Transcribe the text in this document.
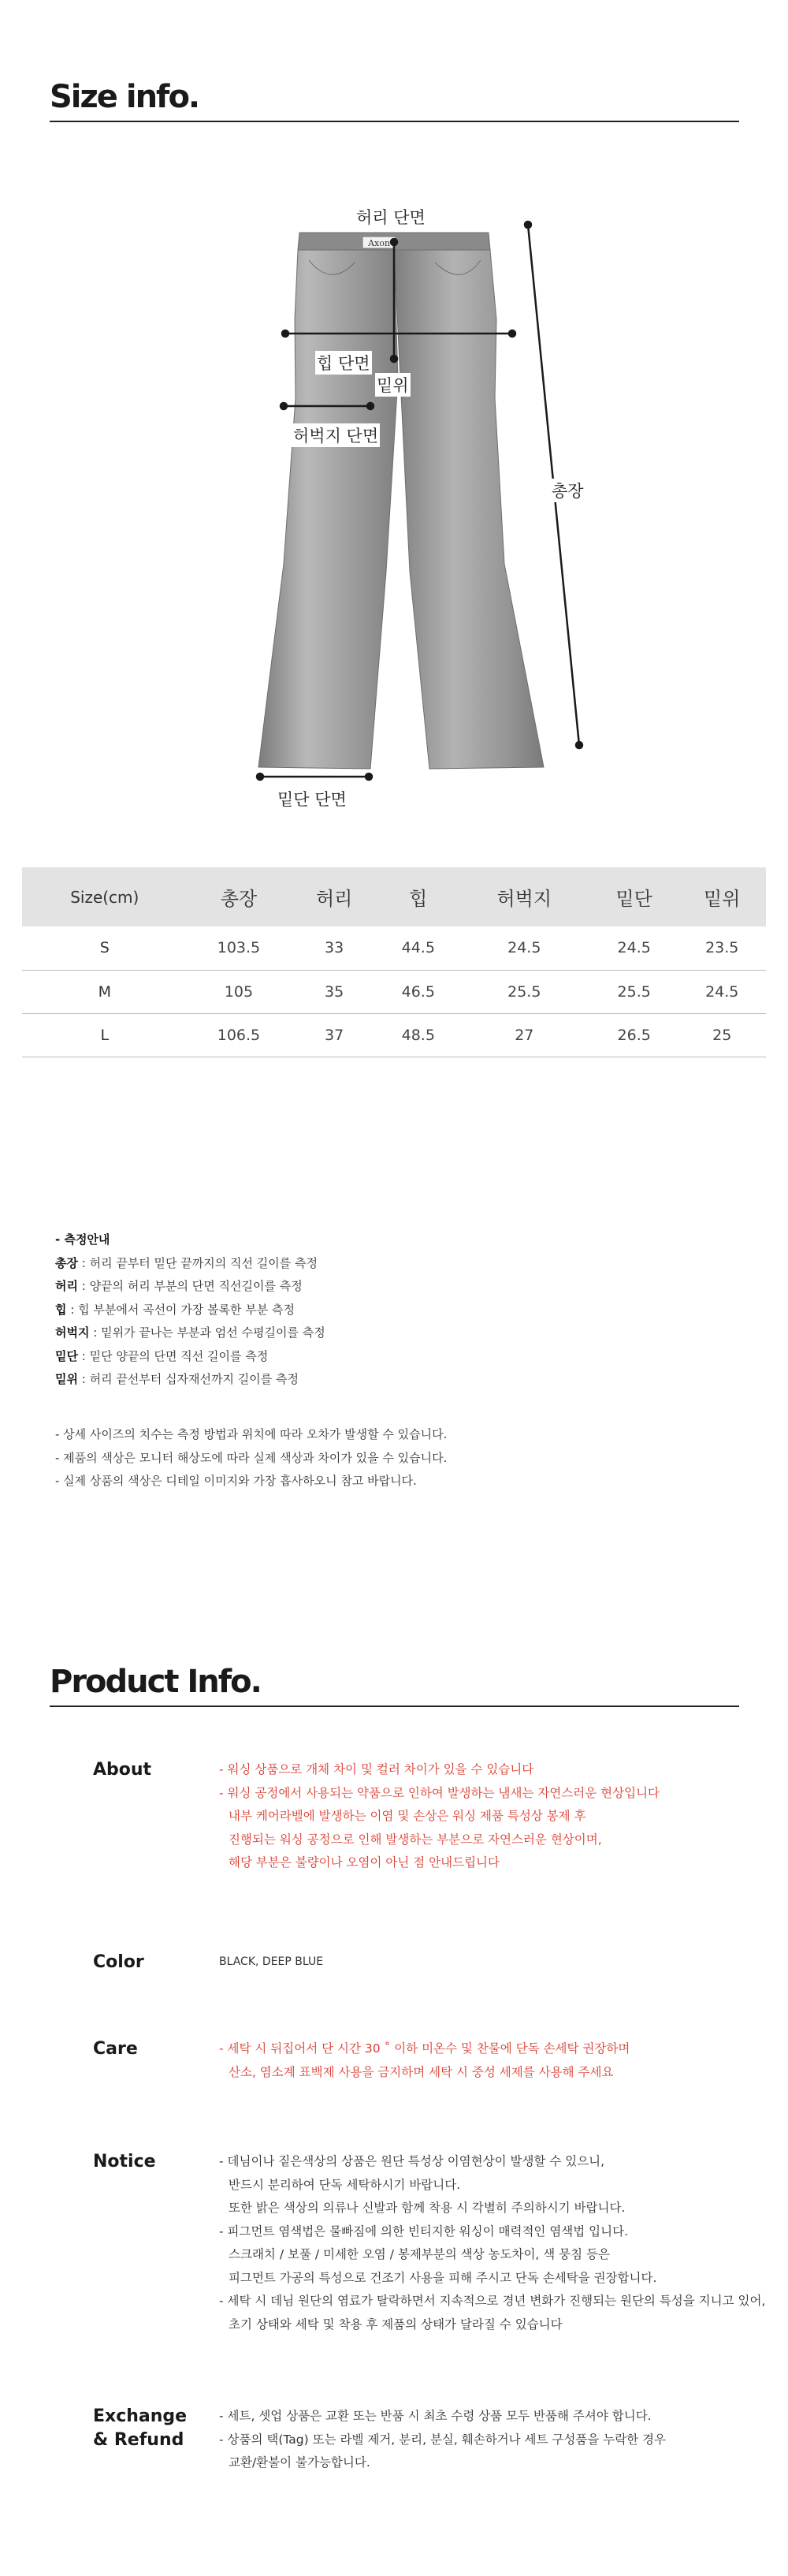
Size info.
Axon
허리 단면
힙 단면
밑위
허벅지 단면
총장
밑단 단면
Size(cm)	총장	허리	힙	허벅지	밑단	밑위
S	103.5	33	44.5	24.5	24.5	23.5
M	105	35	46.5	25.5	25.5	24.5
L	106.5	37	48.5	27	26.5	25
- 측정안내
총장 : 허리 끝부터 밑단 끝까지의 직선 길이를 측정
허리 : 양끝의 허리 부분의 단면 직선길이를 측정
힙 : 힙 부분에서 곡선이 가장 볼록한 부분 측정
허벅지 : 밑위가 끝나는 부분과 엄선 수평길이를 측정
밑단 : 밑단 양끝의 단면 직선 길이를 측정
밑위 : 허리 끝선부터 십자재선까지 길이를 측정
- 상세 사이즈의 치수는 측정 방법과 위치에 따라 오차가 발생할 수 있습니다.
- 제품의 색상은 모니터 해상도에 따라 실제 색상과 차이가 있을 수 있습니다.
- 실제 상품의 색상은 디테일 이미지와 가장 흡사하오니 참고 바랍니다.
Product Info.
About	- 워싱 상품으로 개체 차이 및 컬러 차이가 있을 수 있습니다
- 워싱 공정에서 사용되는 약품으로 인하여 발생하는 냄새는 자연스러운 현상입니다
내부 케어라벨에 발생하는 이염 및 손상은 워싱 제품 특성상 봉제 후
진행되는 워싱 공정으로 인해 발생하는 부분으로 자연스러운 현상이며,
해당 부분은 불량이나 오염이 아닌 점 안내드립니다
Color	BLACK, DEEP BLUE
Care	- 세탁 시 뒤집어서 단 시간 30 ˚ 이하 미온수 및 찬물에 단독 손세탁 권장하며
산소, 염소계 표백제 사용을 금지하며 세탁 시 중성 세제를 사용해 주세요
Notice	- 데님이나 짙은색상의 상품은 원단 특성상 이염현상이 발생할 수 있으니,
반드시 분리하여 단독 세탁하시기 바랍니다.
또한 밝은 색상의 의류나 신발과 함께 착용 시 각별히 주의하시기 바랍니다.
- 피그먼트 염색법은 물빠짐에 의한 빈티지한 워싱이 매력적인 염색법 입니다.
스크래치 / 보풀 / 미세한 오염 / 봉제부분의 색상 농도차이, 색 뭉침 등은
피그먼트 가공의 특성으로 건조기 사용을 피해 주시고 단독 손세탁을 권장합니다.
- 세탁 시 데님 원단의 염료가 탈락하면서 지속적으로 경년 변화가 진행되는 원단의 특성을 지니고 있어,
초기 상태와 세탁 및 착용 후 제품의 상태가 달라질 수 있습니다
Exchange
& Refund
- 세트, 셋업 상품은 교환 또는 반품 시 최초 수령 상품 모두 반품해 주셔야 합니다.
- 상품의 택(Tag) 또는 라벨 제거, 분리, 분실, 훼손하거나 세트 구성품을 누락한 경우
교환/환불이 불가능합니다.
